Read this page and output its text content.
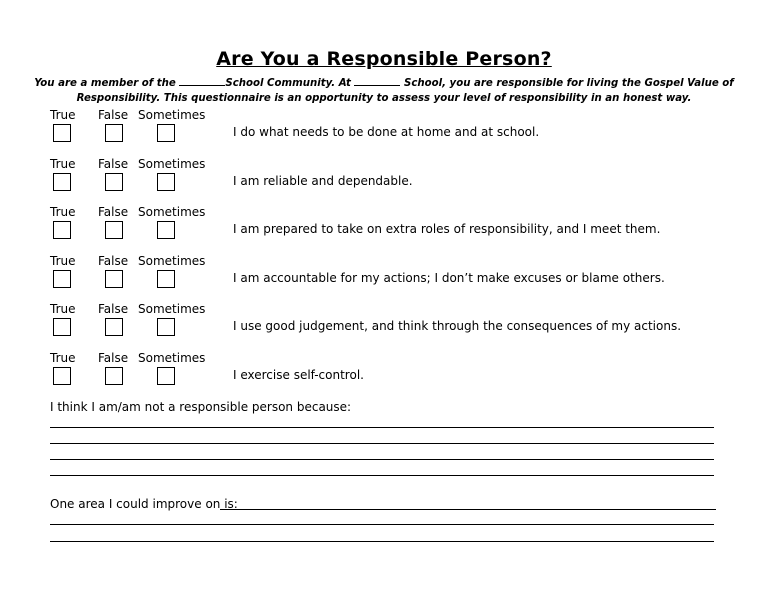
Are You a Responsible Person?
You are a member of the	School Community. At	School, you are responsible for living the Gospel Value of
Responsibility. This questionnaire is an opportunity to assess your level of responsibility in an honest way.
True False Sometimes
I do what needs to be done at home and at school.
True False Sometimes
I am reliable and dependable.
True False Sometimes
I am prepared to take on extra roles of responsibility, and I meet them.
True False Sometimes
I am accountable for my actions; I don’t make excuses or blame others.
True False Sometimes
I use good judgement, and think through the consequences of my actions.
True False Sometimes
I exercise self-control.
I think I am/am not a responsible person because:
One area I could improve on is:
